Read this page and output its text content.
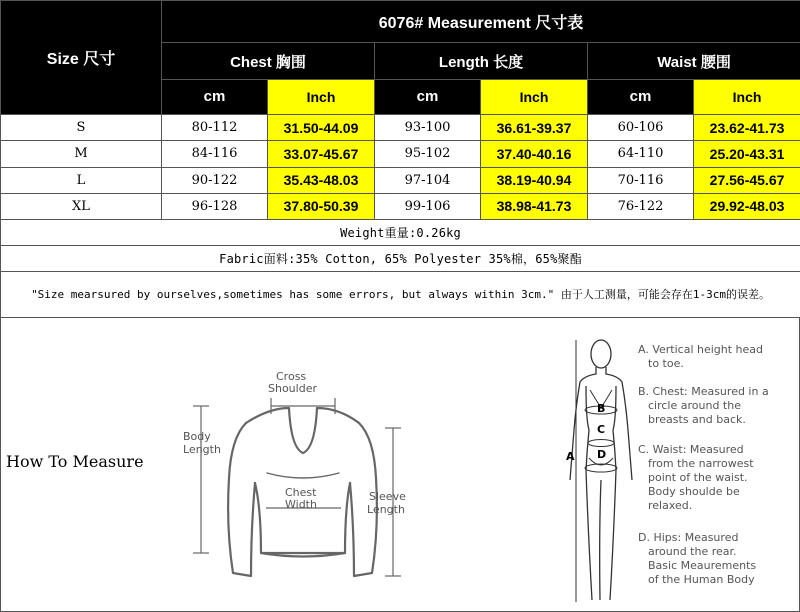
Size 尺寸	6076# Measurement 尺寸表					
	Chest 胸围		Length 长度		Waist 腰围	
	cm	Inch	cm	Inch	cm	Inch
S	80-112	31.50-44.09	93-100	36.61-39.37	60-106	23.62-41.73
M	84-116	33.07-45.67	95-102	37.40-40.16	64-110	25.20-43.31
L	90-122	35.43-48.03	97-104	38.19-40.94	70-116	27.56-45.67
XL	96-128	37.80-50.39	99-106	38.98-41.73	76-122	29.92-48.03
Weight重量:0.26kg						
Fabric面料:35% Cotton, 65% Polyester 35%棉，65%聚酯						
"Size mearsured by ourselves,sometimes has some errors, but always within 3cm." 由于人工测量，可能会存在1-3cm的误差。						
How To Measure
Cross
Shoulder
Body
Length
Chest
Width
Sleeve
Length
A
B
C
D
A. Vertical height head
to toe.
B. Chest: Measured in a
circle around the
breasts and back.
C. Waist: Measured
from the narrowest
point of the waist.
Body shoulde be
relaxed.
D. Hips: Measured
around the rear.
Basic Meaurements
of the Human Body
